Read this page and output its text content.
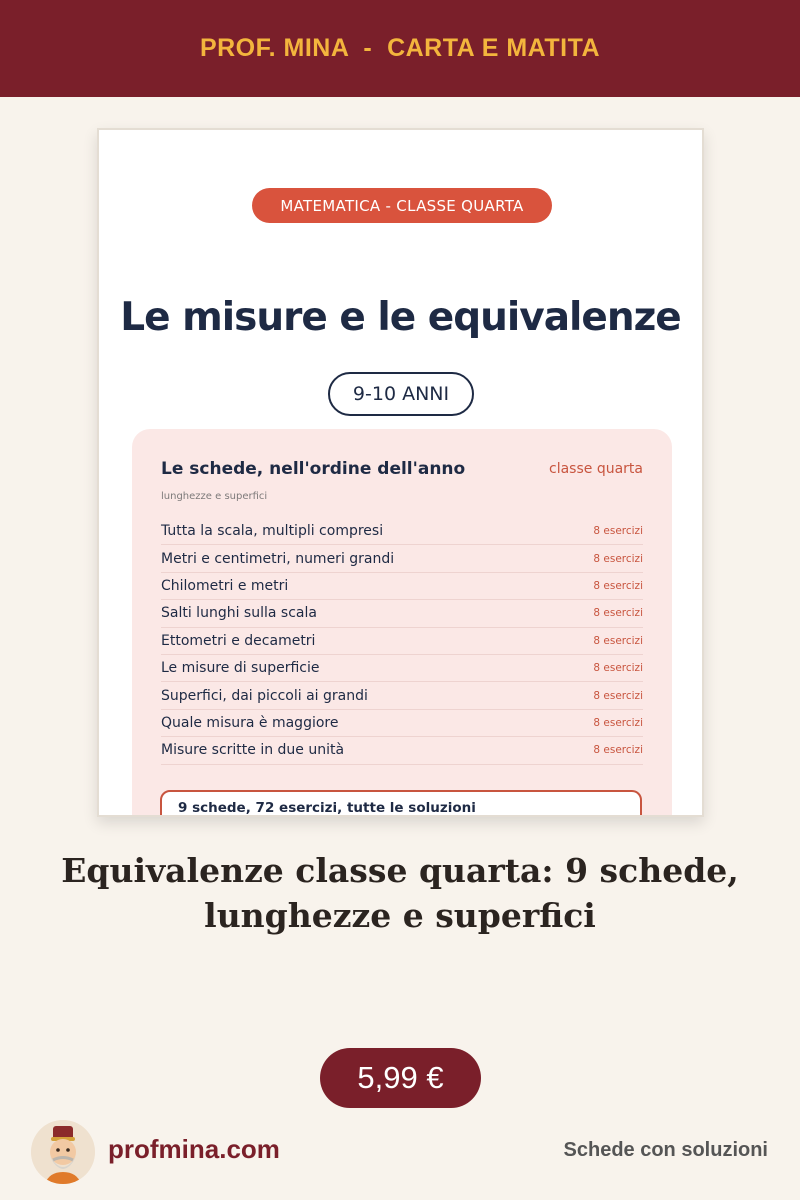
PROF. MINA  -  CARTA E MATITA
MATEMATICA - CLASSE QUARTA
Le misure e le equivalenze
9-10 ANNI
Le schede, nell'ordine dell'anno	classe quarta
lunghezze e superfici
Tutta la scala, multipli compresi	8 esercizi
Metri e centimetri, numeri grandi	8 esercizi
Chilometri e metri	8 esercizi
Salti lunghi sulla scala	8 esercizi
Ettometri e decametri	8 esercizi
Le misure di superficie	8 esercizi
Superfici, dai piccoli ai grandi	8 esercizi
Quale misura è maggiore	8 esercizi
Misure scritte in due unità	8 esercizi
9 schede, 72 esercizi, tutte le soluzioni
Equivalenze classe quarta: 9 schede, lunghezze e superfici
5,99 €
profmina.com	Schede con soluzioni
